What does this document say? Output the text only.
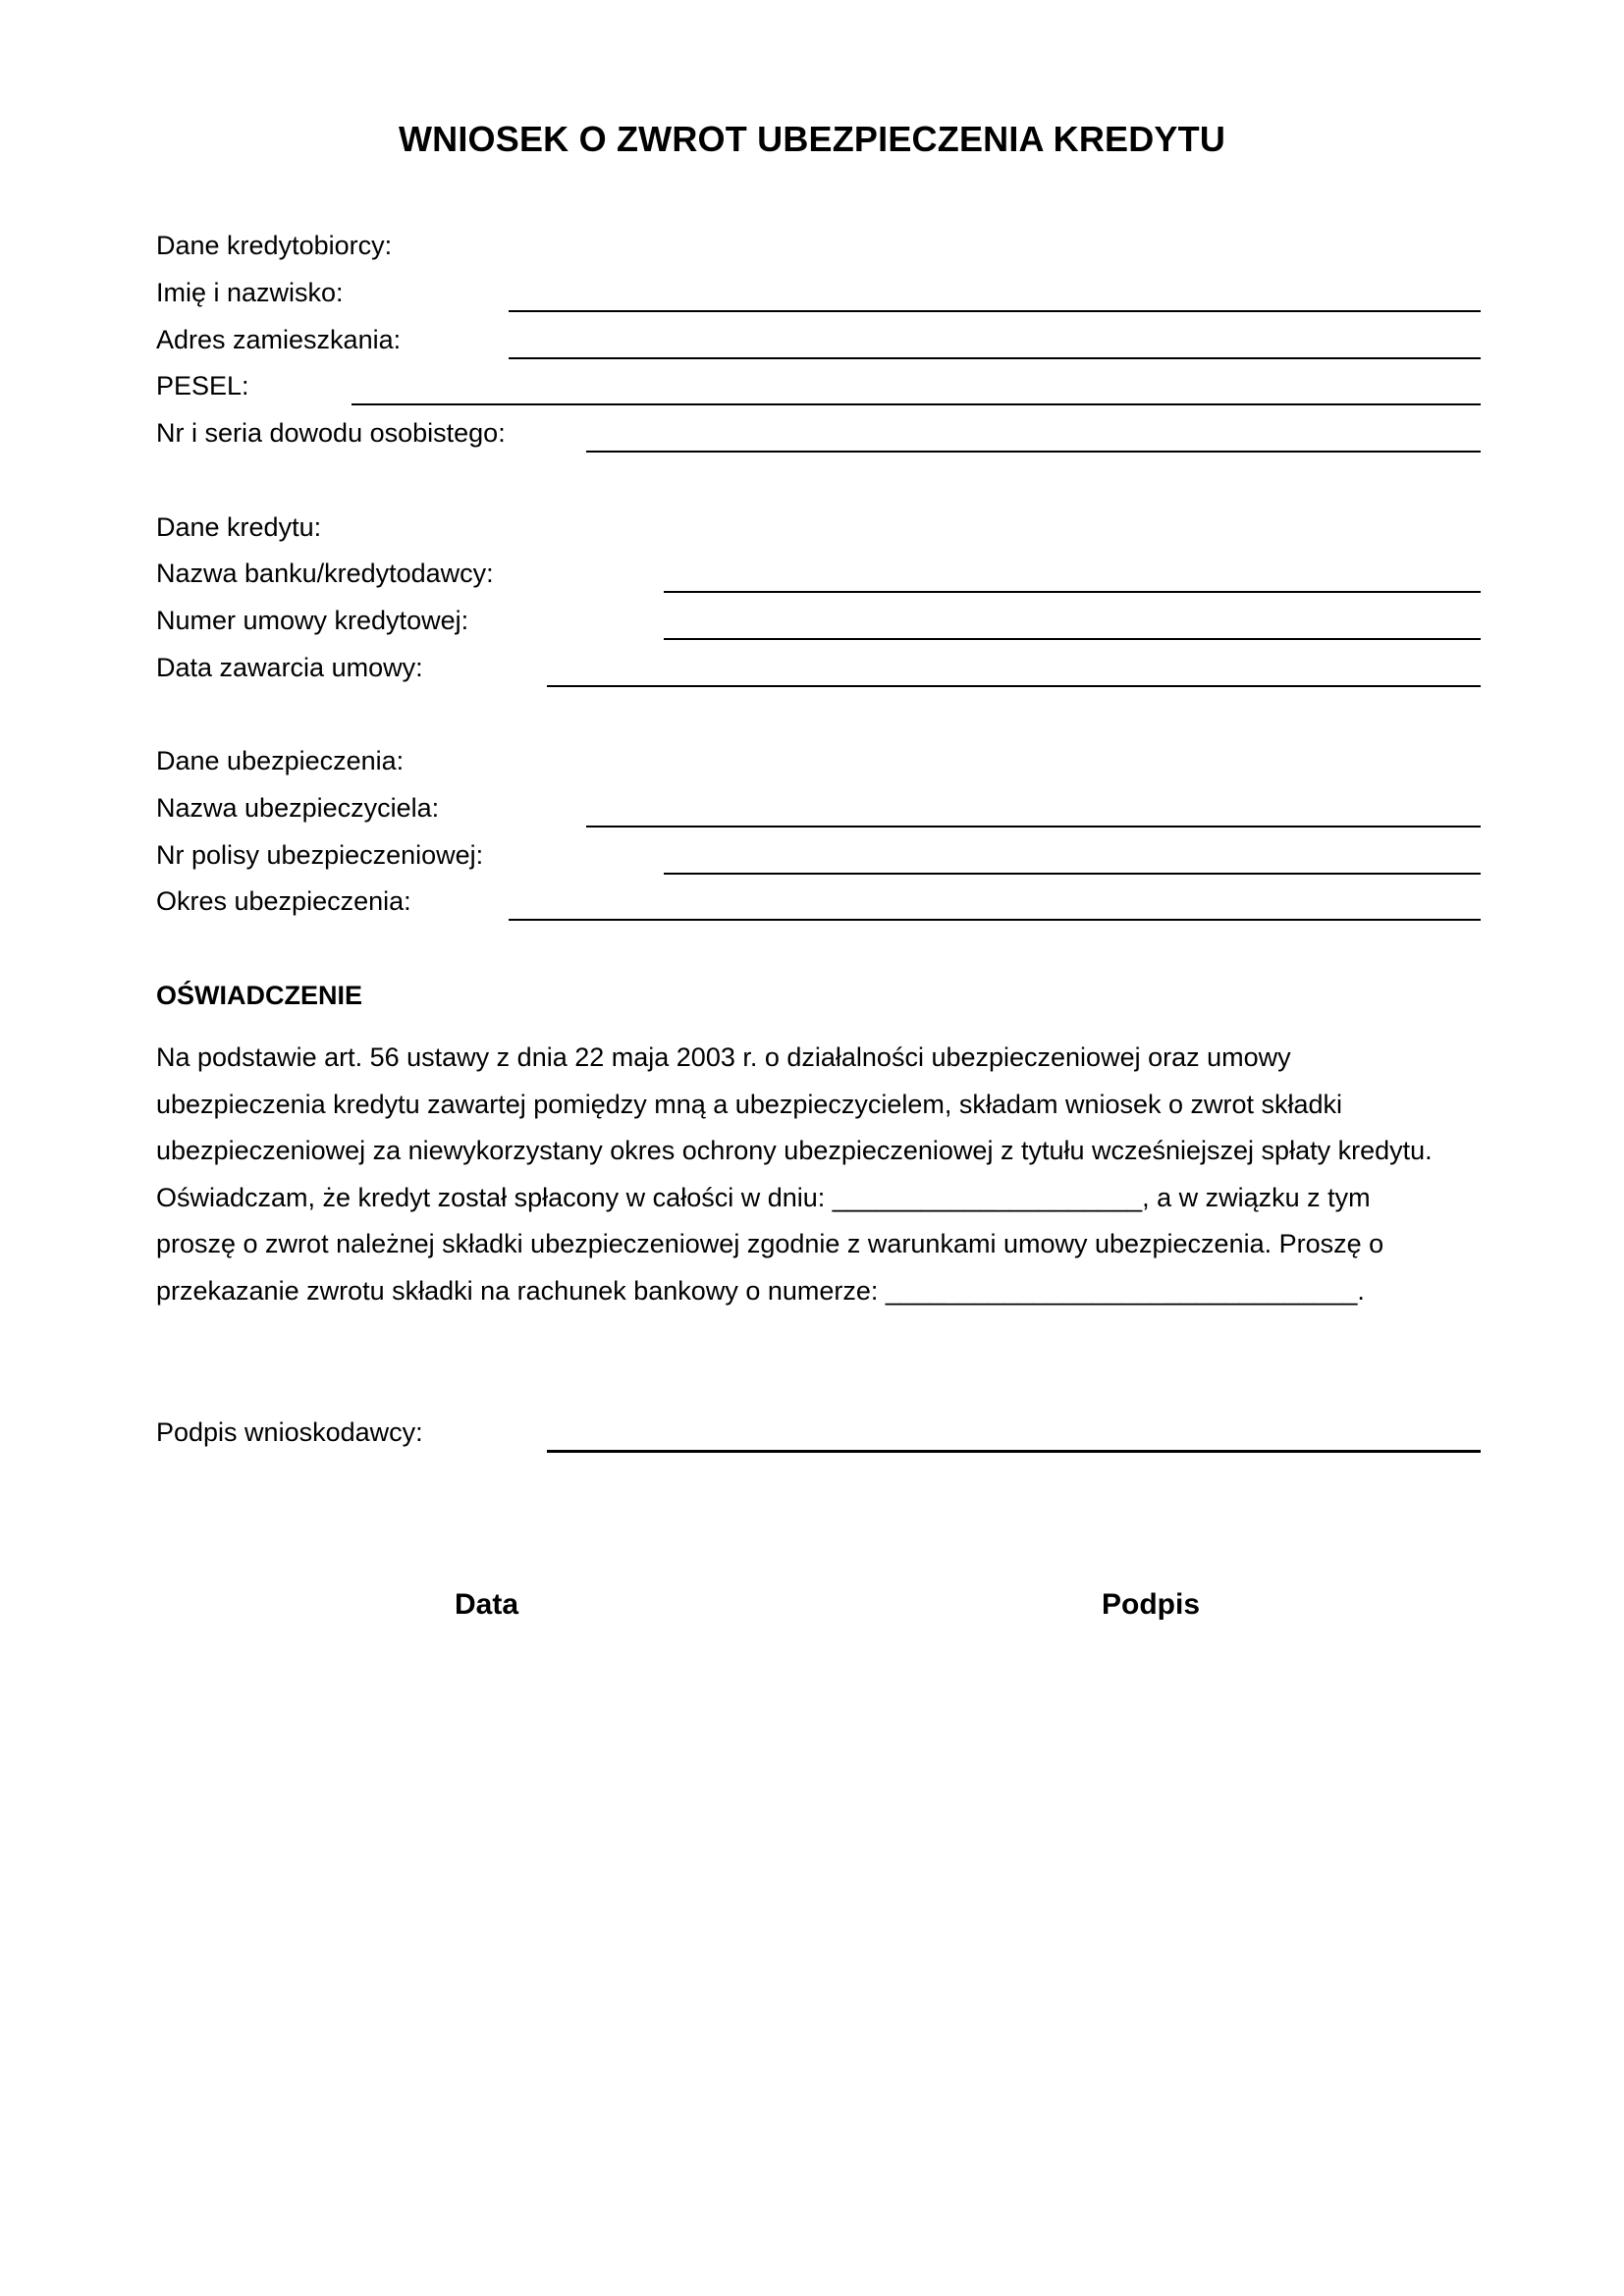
WNIOSEK O ZWROT UBEZPIECZENIA KREDYTU
Dane kredytobiorcy:
Imię i nazwisko:
Adres zamieszkania:
PESEL:
Nr i seria dowodu osobistego:
Dane kredytu:
Nazwa banku/kredytodawcy:
Numer umowy kredytowej:
Data zawarcia umowy:
Dane ubezpieczenia:
Nazwa ubezpieczyciela:
Nr polisy ubezpieczeniowej:
Okres ubezpieczenia:
OŚWIADCZENIE
Na podstawie art. 56 ustawy z dnia 22 maja 2003 r. o działalności ubezpieczeniowej oraz umowy
ubezpieczenia kredytu zawartej pomiędzy mną a ubezpieczycielem, składam wniosek o zwrot składki
ubezpieczeniowej za niewykorzystany okres ochrony ubezpieczeniowej z tytułu wcześniejszej spłaty kredytu.
Oświadczam, że kredyt został spłacony w całości w dniu: _____________________, a w związku z tym
proszę o zwrot należnej składki ubezpieczeniowej zgodnie z warunkami umowy ubezpieczenia. Proszę o
przekazanie zwrotu składki na rachunek bankowy o numerze: ________________________________.
Podpis wnioskodawcy:
Data	Podpis
